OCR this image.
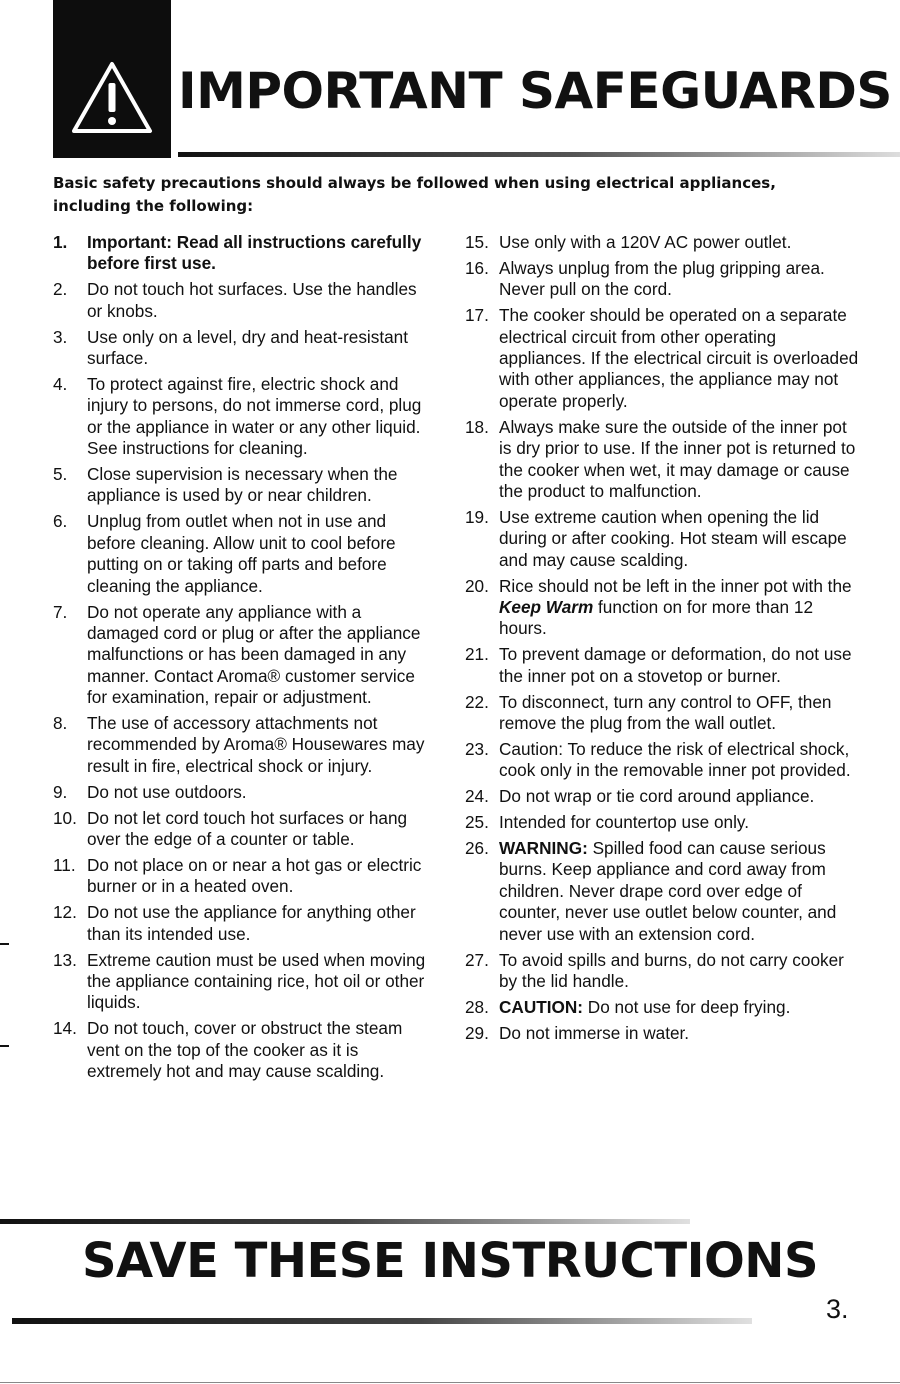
IMPORTANT SAFEGUARDS
Basic safety precautions should always be followed when using electrical appliances, including the following:
1.	Important: Read all instructions carefully before first use.
2.	Do not touch hot surfaces. Use the handles or knobs.
3.	Use only on a level, dry and heat-resistant surface.
4.	To protect against fire, electric shock and injury to persons, do not immerse cord, plug or the appliance in water or any other liquid. See instructions for cleaning.
5.	Close supervision is necessary when the appliance is used by or near children.
6.	Unplug from outlet when not in use and before cleaning. Allow unit to cool before putting on or taking off parts and before cleaning the appliance.
7.	Do not operate any appliance with a damaged cord or plug or after the appliance malfunctions or has been damaged in any manner. Contact Aroma® customer service for examination, repair or adjustment.
8.	The use of accessory attachments not recommended by Aroma® Housewares may result in fire, electrical shock or injury.
9.	Do not use outdoors.
10. Do not let cord touch hot surfaces or hang over the edge of a counter or table.
11. Do not place on or near a hot gas or electric burner or in a heated oven.
12. Do not use the appliance for anything other than its intended use.
13. Extreme caution must be used when moving the appliance containing rice, hot oil or other liquids.
14. Do not touch, cover or obstruct the steam vent on the top of the cooker as it is extremely hot and may cause scalding.
15. Use only with a 120V AC power outlet.
16. Always unplug from the plug gripping area. Never pull on the cord.
17. The cooker should be operated on a separate electrical circuit from other operating appliances. If the electrical circuit is overloaded with other appliances, the appliance may not operate properly.
18. Always make sure the outside of the inner pot is dry prior to use. If the inner pot is returned to the cooker when wet, it may damage or cause the product to malfunction.
19. Use extreme caution when opening the lid during or after cooking. Hot steam will escape and may cause scalding.
20. Rice should not be left in the inner pot with the Keep Warm function on for more than 12 hours.
21. To prevent damage or deformation, do not use the inner pot on a stovetop or burner.
22. To disconnect, turn any control to OFF, then remove the plug from the wall outlet.
23. Caution: To reduce the risk of electrical shock, cook only in the removable inner pot provided.
24. Do not wrap or tie cord around appliance.
25. Intended for countertop use only.
26. WARNING: Spilled food can cause serious burns. Keep appliance and cord away from children. Never drape cord over edge of counter, never use outlet below counter, and never use with an extension cord.
27. To avoid spills and burns, do not carry cooker by the lid handle.
28. CAUTION: Do not use for deep frying.
29. Do not immerse in water.
SAVE THESE INSTRUCTIONS
3.
